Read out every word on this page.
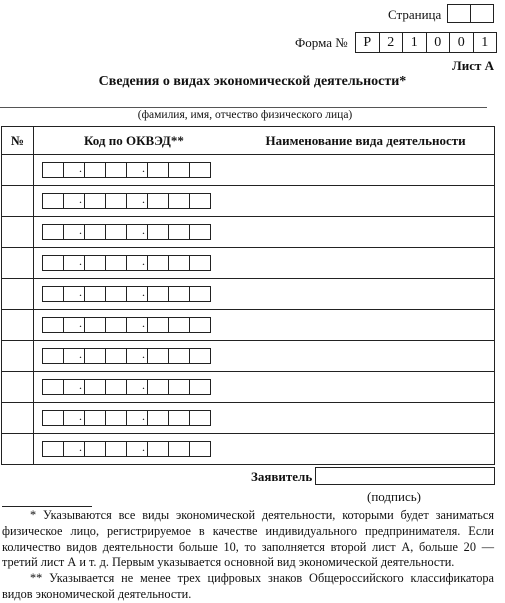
Страница
Форма №	Р	2	1	0	0	1
Лист А
Сведения о видах экономической деятельности*
(фамилия, имя, отчество физического лица)
№	Код по ОКВЭД**	Наименование вида деятельности

	. .	

	. .	

	. .	

	. .	

	. .	

	. .	

	. .	

	. .	

	. .	

	. .	

Заявитель
(подпись)

* Указываются все виды экономической деятельности, которыми будет заниматься физическое лицо, регистрируемое в качестве индивидуального предпринимателя. Если количество видов деятельности больше 10, то заполняется второй лист А, больше 20 — третий лист А и т. д. Первым указывается основной вид экономической деятельности.

** Указывается не менее трех цифровых знаков Общероссийского классификатора видов экономической деятельности.
